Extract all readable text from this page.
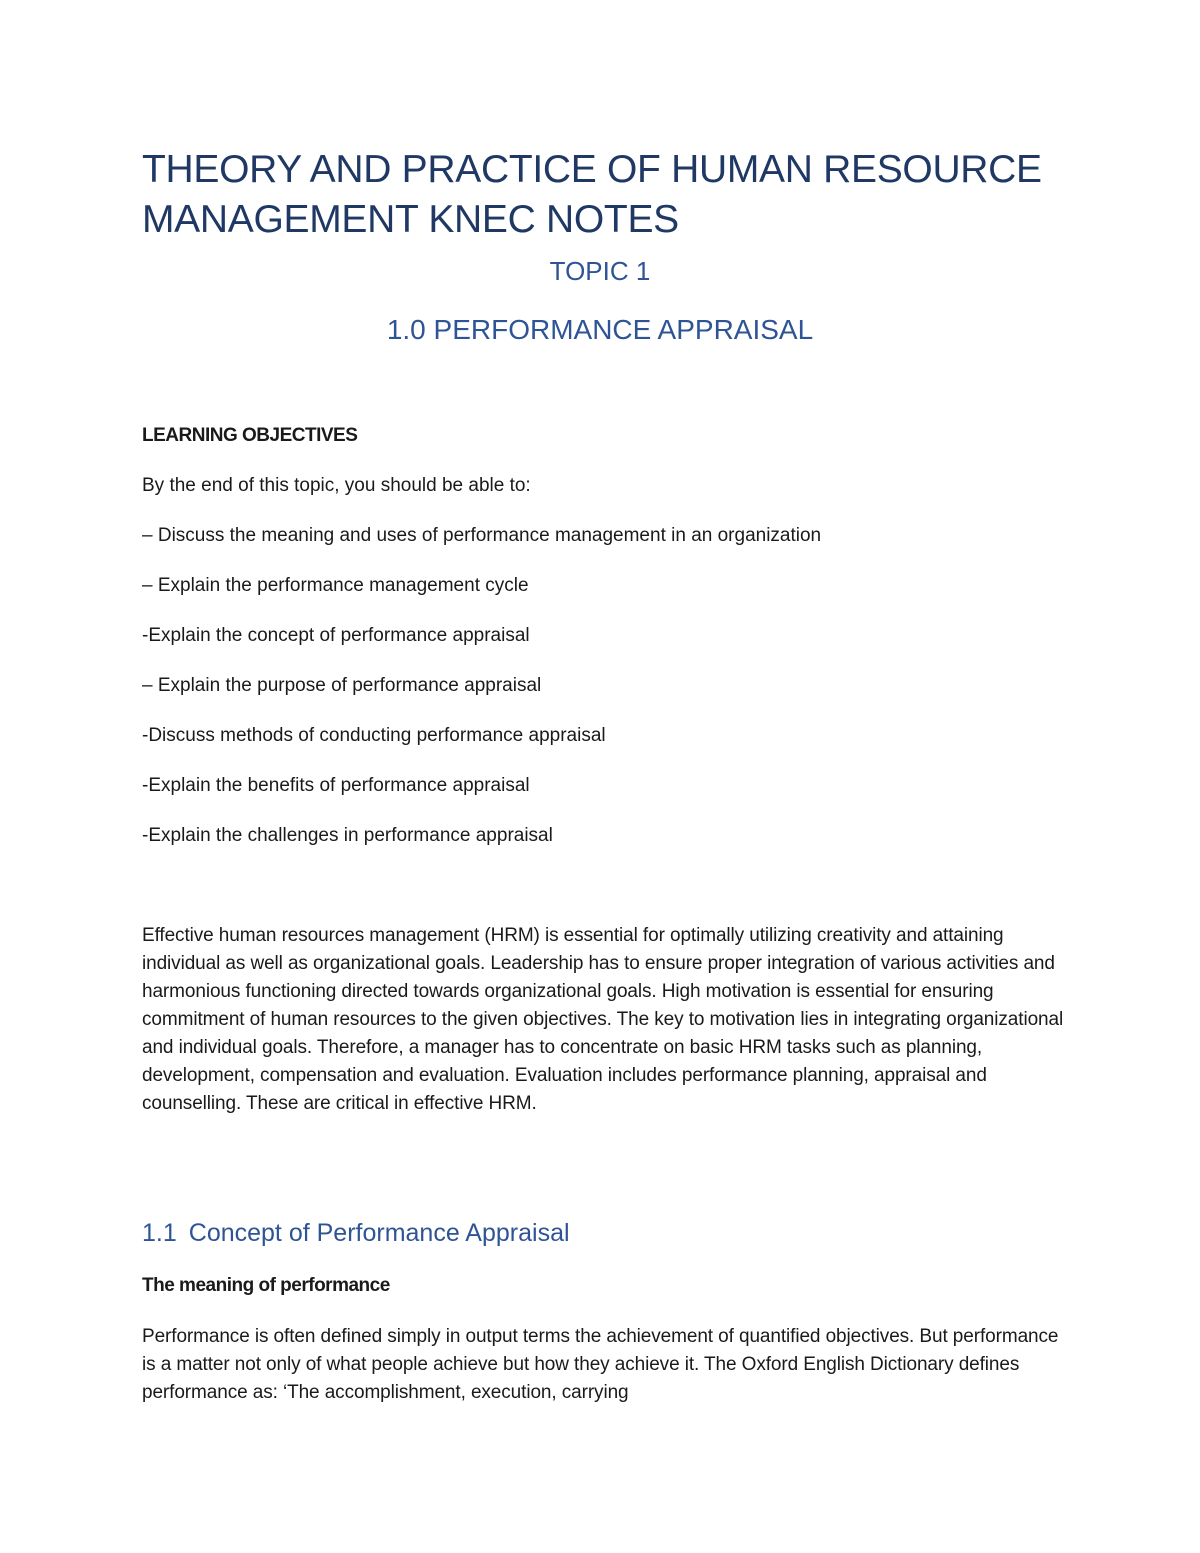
THEORY AND PRACTICE OF HUMAN RESOURCE MANAGEMENT KNEC NOTES
TOPIC 1
1.0 PERFORMANCE APPRAISAL

LEARNING OBJECTIVES

By the end of this topic, you should be able to:

– Discuss the meaning and uses of performance management in an organization

– Explain the performance management cycle

-Explain the concept of performance appraisal

– Explain the purpose of performance appraisal

-Discuss methods of conducting performance appraisal

-Explain the benefits of performance appraisal

-Explain the challenges in performance appraisal

Effective human resources management (HRM) is essential for optimally utilizing creativity and attaining individual as well as organizational goals. Leadership has to ensure proper integration of various activities and harmonious functioning directed towards organizational goals. High motivation is essential for ensuring commitment of human resources to the given objectives. The key to motivation lies in integrating organizational and individual goals. Therefore, a manager has to concentrate on basic HRM tasks such as planning, development, compensation and evaluation. Evaluation includes performance planning, appraisal and counselling. These are critical in effective HRM.

1.1 Concept of Performance Appraisal

The meaning of performance

Performance is often defined simply in output terms the achievement of quantified objectives. But performance is a matter not only of what people achieve but how they achieve it. The Oxford English Dictionary defines performance as: ‘The accomplishment, execution, carrying
